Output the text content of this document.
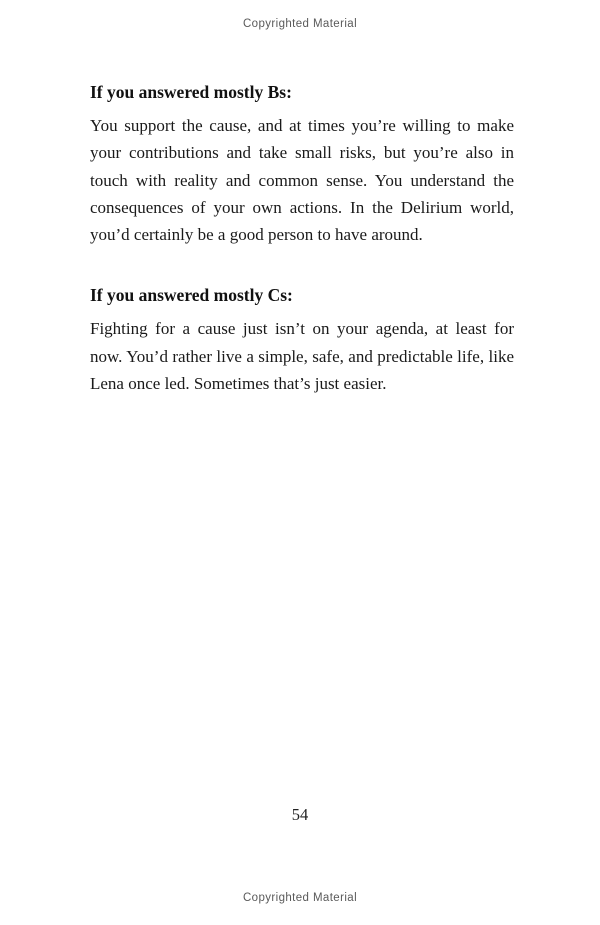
Copyrighted Material
If you answered mostly Bs:

You support the cause, and at times you’re willing to make your contributions and take small risks, but you’re also in touch with reality and common sense. You understand the consequences of your own actions. In the Delirium world, you’d certainly be a good person to have around.

If you answered mostly Cs:

Fighting for a cause just isn’t on your agenda, at least for now. You’d rather live a simple, safe, and predictable life, like Lena once led. Sometimes that’s just easier.

54
Copyrighted Material
